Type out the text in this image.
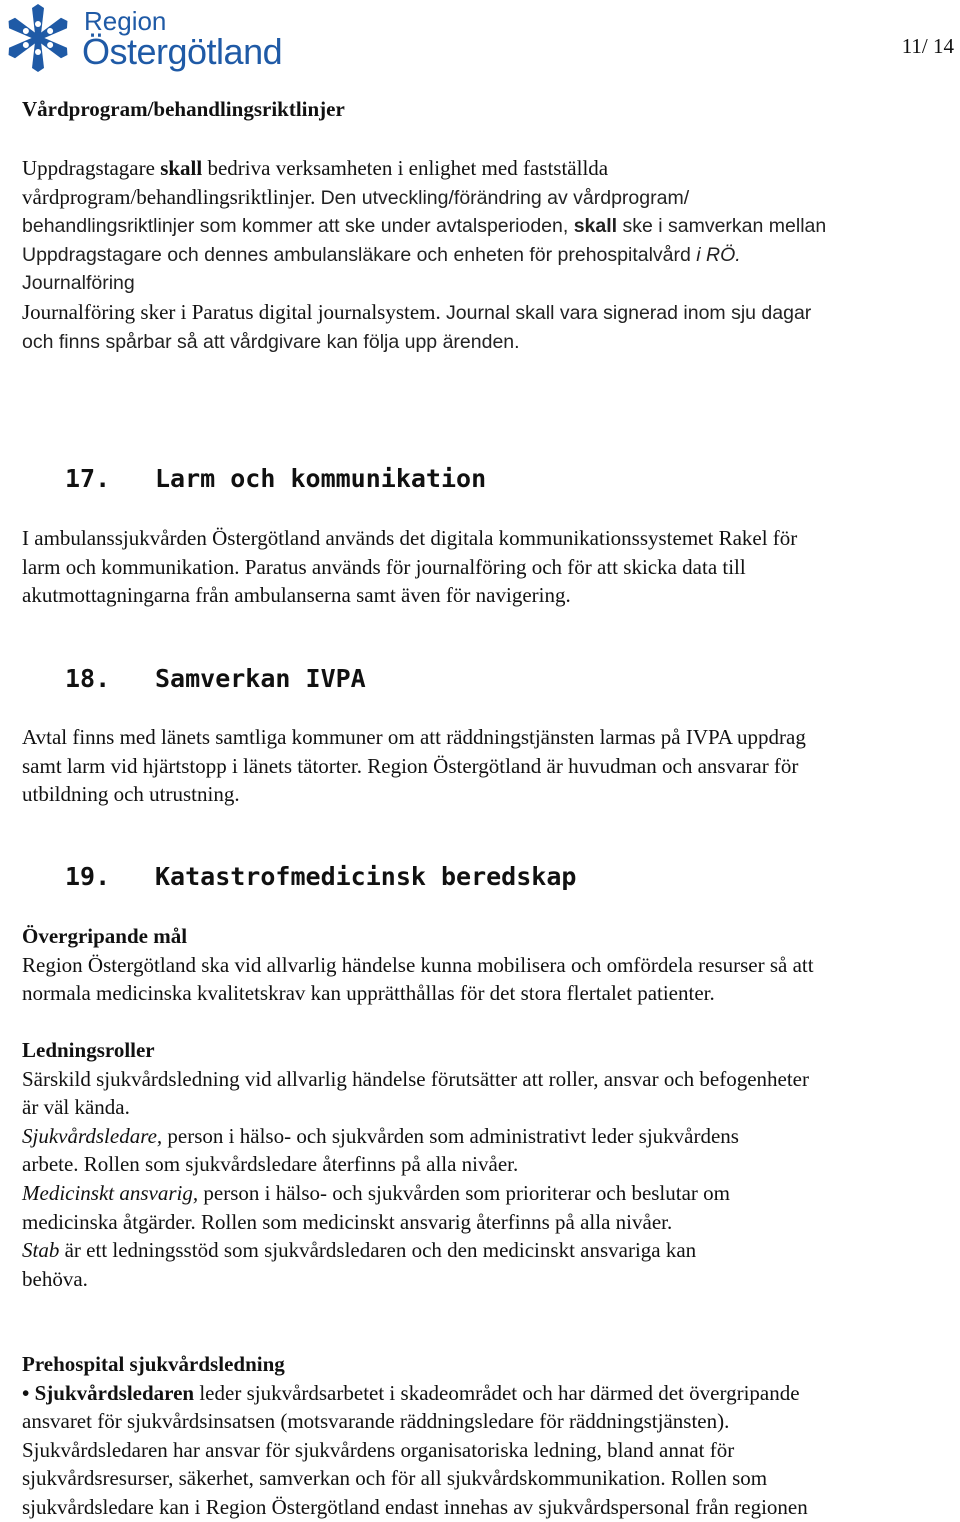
Region
Östergötland	11/ 14
Vårdprogram/behandlingsriktlinjer
Uppdragstagare skall bedriva verksamheten i enlighet med fastställda
vårdprogram/behandlingsriktlinjer. Den utveckling/förändring av vårdprogram/
behandlingsriktlinjer som kommer att ske under avtalsperioden, skall ske i samverkan mellan
Uppdragstagare och dennes ambulansläkare och enheten för prehospitalvård i RÖ.
Journalföring
Journalföring sker i Paratus digital journalsystem. Journal skall vara signerad inom sju dagar
och finns spårbar så att vårdgivare kan följa upp ärenden.
17. Larm och kommunikation
I ambulanssjukvården Östergötland används det digitala kommunikationssystemet Rakel för
larm och kommunikation. Paratus används för journalföring och för att skicka data till
akutmottagningarna från ambulanserna samt även för navigering.
18. Samverkan IVPA
Avtal finns med länets samtliga kommuner om att räddningstjänsten larmas på IVPA uppdrag
samt larm vid hjärtstopp i länets tätorter. Region Östergötland är huvudman och ansvarar för
utbildning och utrustning.
19. Katastrofmedicinsk beredskap
Övergripande mål
Region Östergötland ska vid allvarlig händelse kunna mobilisera och omfördela resurser så att
normala medicinska kvalitetskrav kan upprätthållas för det stora flertalet patienter.
Ledningsroller
Särskild sjukvårdsledning vid allvarlig händelse förutsätter att roller, ansvar och befogenheter
är väl kända.
Sjukvårdsledare, person i hälso- och sjukvården som administrativt leder sjukvårdens
arbete. Rollen som sjukvårdsledare återfinns på alla nivåer.
Medicinskt ansvarig, person i hälso- och sjukvården som prioriterar och beslutar om
medicinska åtgärder. Rollen som medicinskt ansvarig återfinns på alla nivåer.
Stab är ett ledningsstöd som sjukvårdsledaren och den medicinskt ansvariga kan
behöva.
Prehospital sjukvårdsledning
• Sjukvårdsledaren leder sjukvårdsarbetet i skadeområdet och har därmed det övergripande
ansvaret för sjukvårdsinsatsen (motsvarande räddningsledare för räddningstjänsten).
Sjukvårdsledaren har ansvar för sjukvårdens organisatoriska ledning, bland annat för
sjukvårdsresurser, säkerhet, samverkan och för all sjukvårdskommunikation. Rollen som
sjukvårdsledare kan i Region Östergötland endast innehas av sjukvårdspersonal från regionen
